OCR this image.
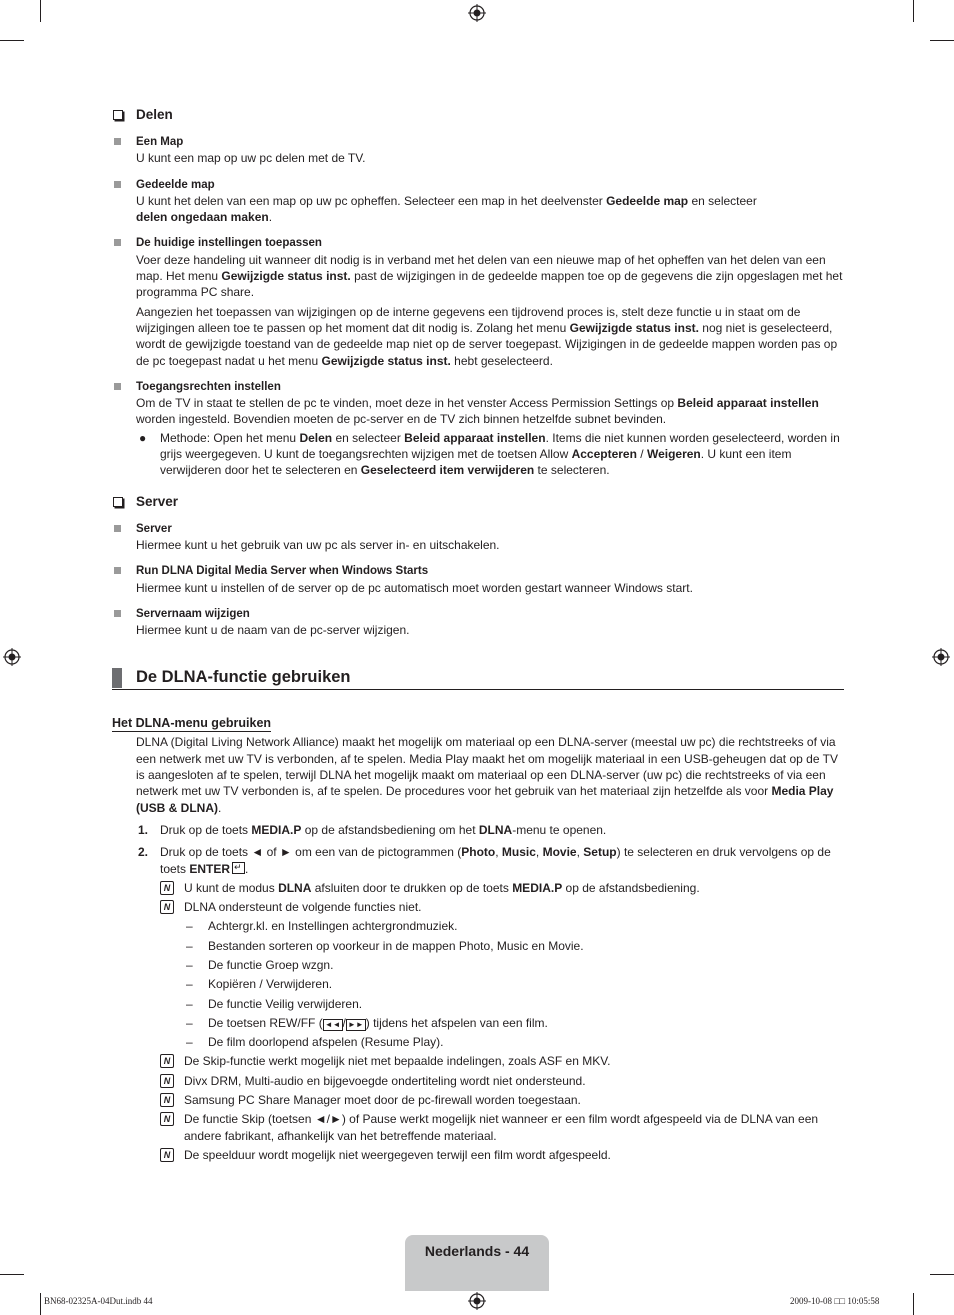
Delen
Een Map

U kunt een map op uw pc delen met de TV.

Gedeelde map

U kunt het delen van een map op uw pc opheffen. Selecteer een map in het deelvenster Gedeelde map en selecteer
delen ongedaan maken.

De huidige instellingen toepassen

Voer deze handeling uit wanneer dit nodig is in verband met het delen van een nieuwe map of het opheffen van het delen van een map. Het menu Gewijzigde status inst. past de wijzigingen in de gedeelde mappen toe op de gegevens die zijn opgeslagen met het programma PC share.

Aangezien het toepassen van wijzigingen op de interne gegevens een tijdrovend proces is, stelt deze functie u in staat om de wijzigingen alleen toe te passen op het moment dat dit nodig is. Zolang het menu Gewijzigde status inst. nog niet is geselecteerd, wordt de gewijzigde toestand van de gedeelde map niet op de server toegepast. Wijzigingen in de gedeelde mappen worden pas op de pc toegepast nadat u het menu Gewijzigde status inst. hebt geselecteerd.

Toegangsrechten instellen

Om de TV in staat te stellen de pc te vinden, moet deze in het venster Access Permission Settings op Beleid apparaat instellen worden ingesteld. Bovendien moeten de pc-server en de TV zich binnen hetzelfde subnet bevinden.

● Methode: Open het menu Delen en selecteer Beleid apparaat instellen. Items die niet kunnen worden geselecteerd, worden in grijs weergegeven. U kunt de toegangsrechten wijzigen met de toetsen Allow Accepteren / Weigeren. U kunt een item verwijderen door het te selecteren en Geselecteerd item verwijderen te selecteren.
Server
Server

Hiermee kunt u het gebruik van uw pc als server in- en uitschakelen.

Run DLNA Digital Media Server when Windows Starts

Hiermee kunt u instellen of de server op de pc automatisch moet worden gestart wanneer Windows start.

Servernaam wijzigen

Hiermee kunt u de naam van de pc-server wijzigen.

De DLNA-functie gebruiken
Het DLNA-menu gebruiken

DLNA (Digital Living Network Alliance) maakt het mogelijk om materiaal op een DLNA-server (meestal uw pc) die rechtstreeks of via een netwerk met uw TV is verbonden, af te spelen. Media Play maakt het om mogelijk materiaal in een USB-geheugen dat op de TV is aangesloten af te spelen, terwijl DLNA het mogelijk maakt om materiaal op een DLNA-server (uw pc) die rechtstreeks of via een netwerk met uw TV verbonden is, af te spelen. De procedures voor het gebruik van het materiaal zijn hetzelfde als voor Media Play (USB & DLNA).

1. Druk op de toets MEDIA.P op de afstandsbediening om het DLNA-menu te openen.
2. Druk op de toets ◄ of ► om een van de pictogrammen (Photo, Music, Movie, Setup) te selecteren en druk vervolgens op de toets ENTER↵ .
N	U kunt de modus DLNA afsluiten door te drukken op de toets MEDIA.P op de afstandsbediening.
N	DLNA ondersteunt de volgende functies niet.
– Achtergr.kl. en Instellingen achtergrondmuziek.
– Bestanden sorteren op voorkeur in de mappen Photo, Music en Movie.
– De functie Groep wzgn.
– Kopiëren / Verwijderen.
– De functie Veilig verwijderen.
– De toetsen REW/FF ( ◄◄ / ►► ) tijdens het afspelen van een film.
– De film doorlopend afspelen (Resume Play).
N	De Skip-functie werkt mogelijk niet met bepaalde indelingen, zoals ASF en MKV.
N	Divx DRM, Multi-audio en bijgevoegde ondertiteling wordt niet ondersteund.
N	Samsung PC Share Manager moet door de pc-firewall worden toegestaan.
N	De functie Skip (toetsen ◄/►) of Pause werkt mogelijk niet wanneer er een film wordt afgespeeld via de DLNA van een andere fabrikant, afhankelijk van het betreffende materiaal.
N	De speelduur wordt mogelijk niet weergegeven terwijl een film wordt afgespeeld.
Nederlands - 44
BN68-02325A-04Dut.indb 44	2009-10-08 □□ 10:05:58
